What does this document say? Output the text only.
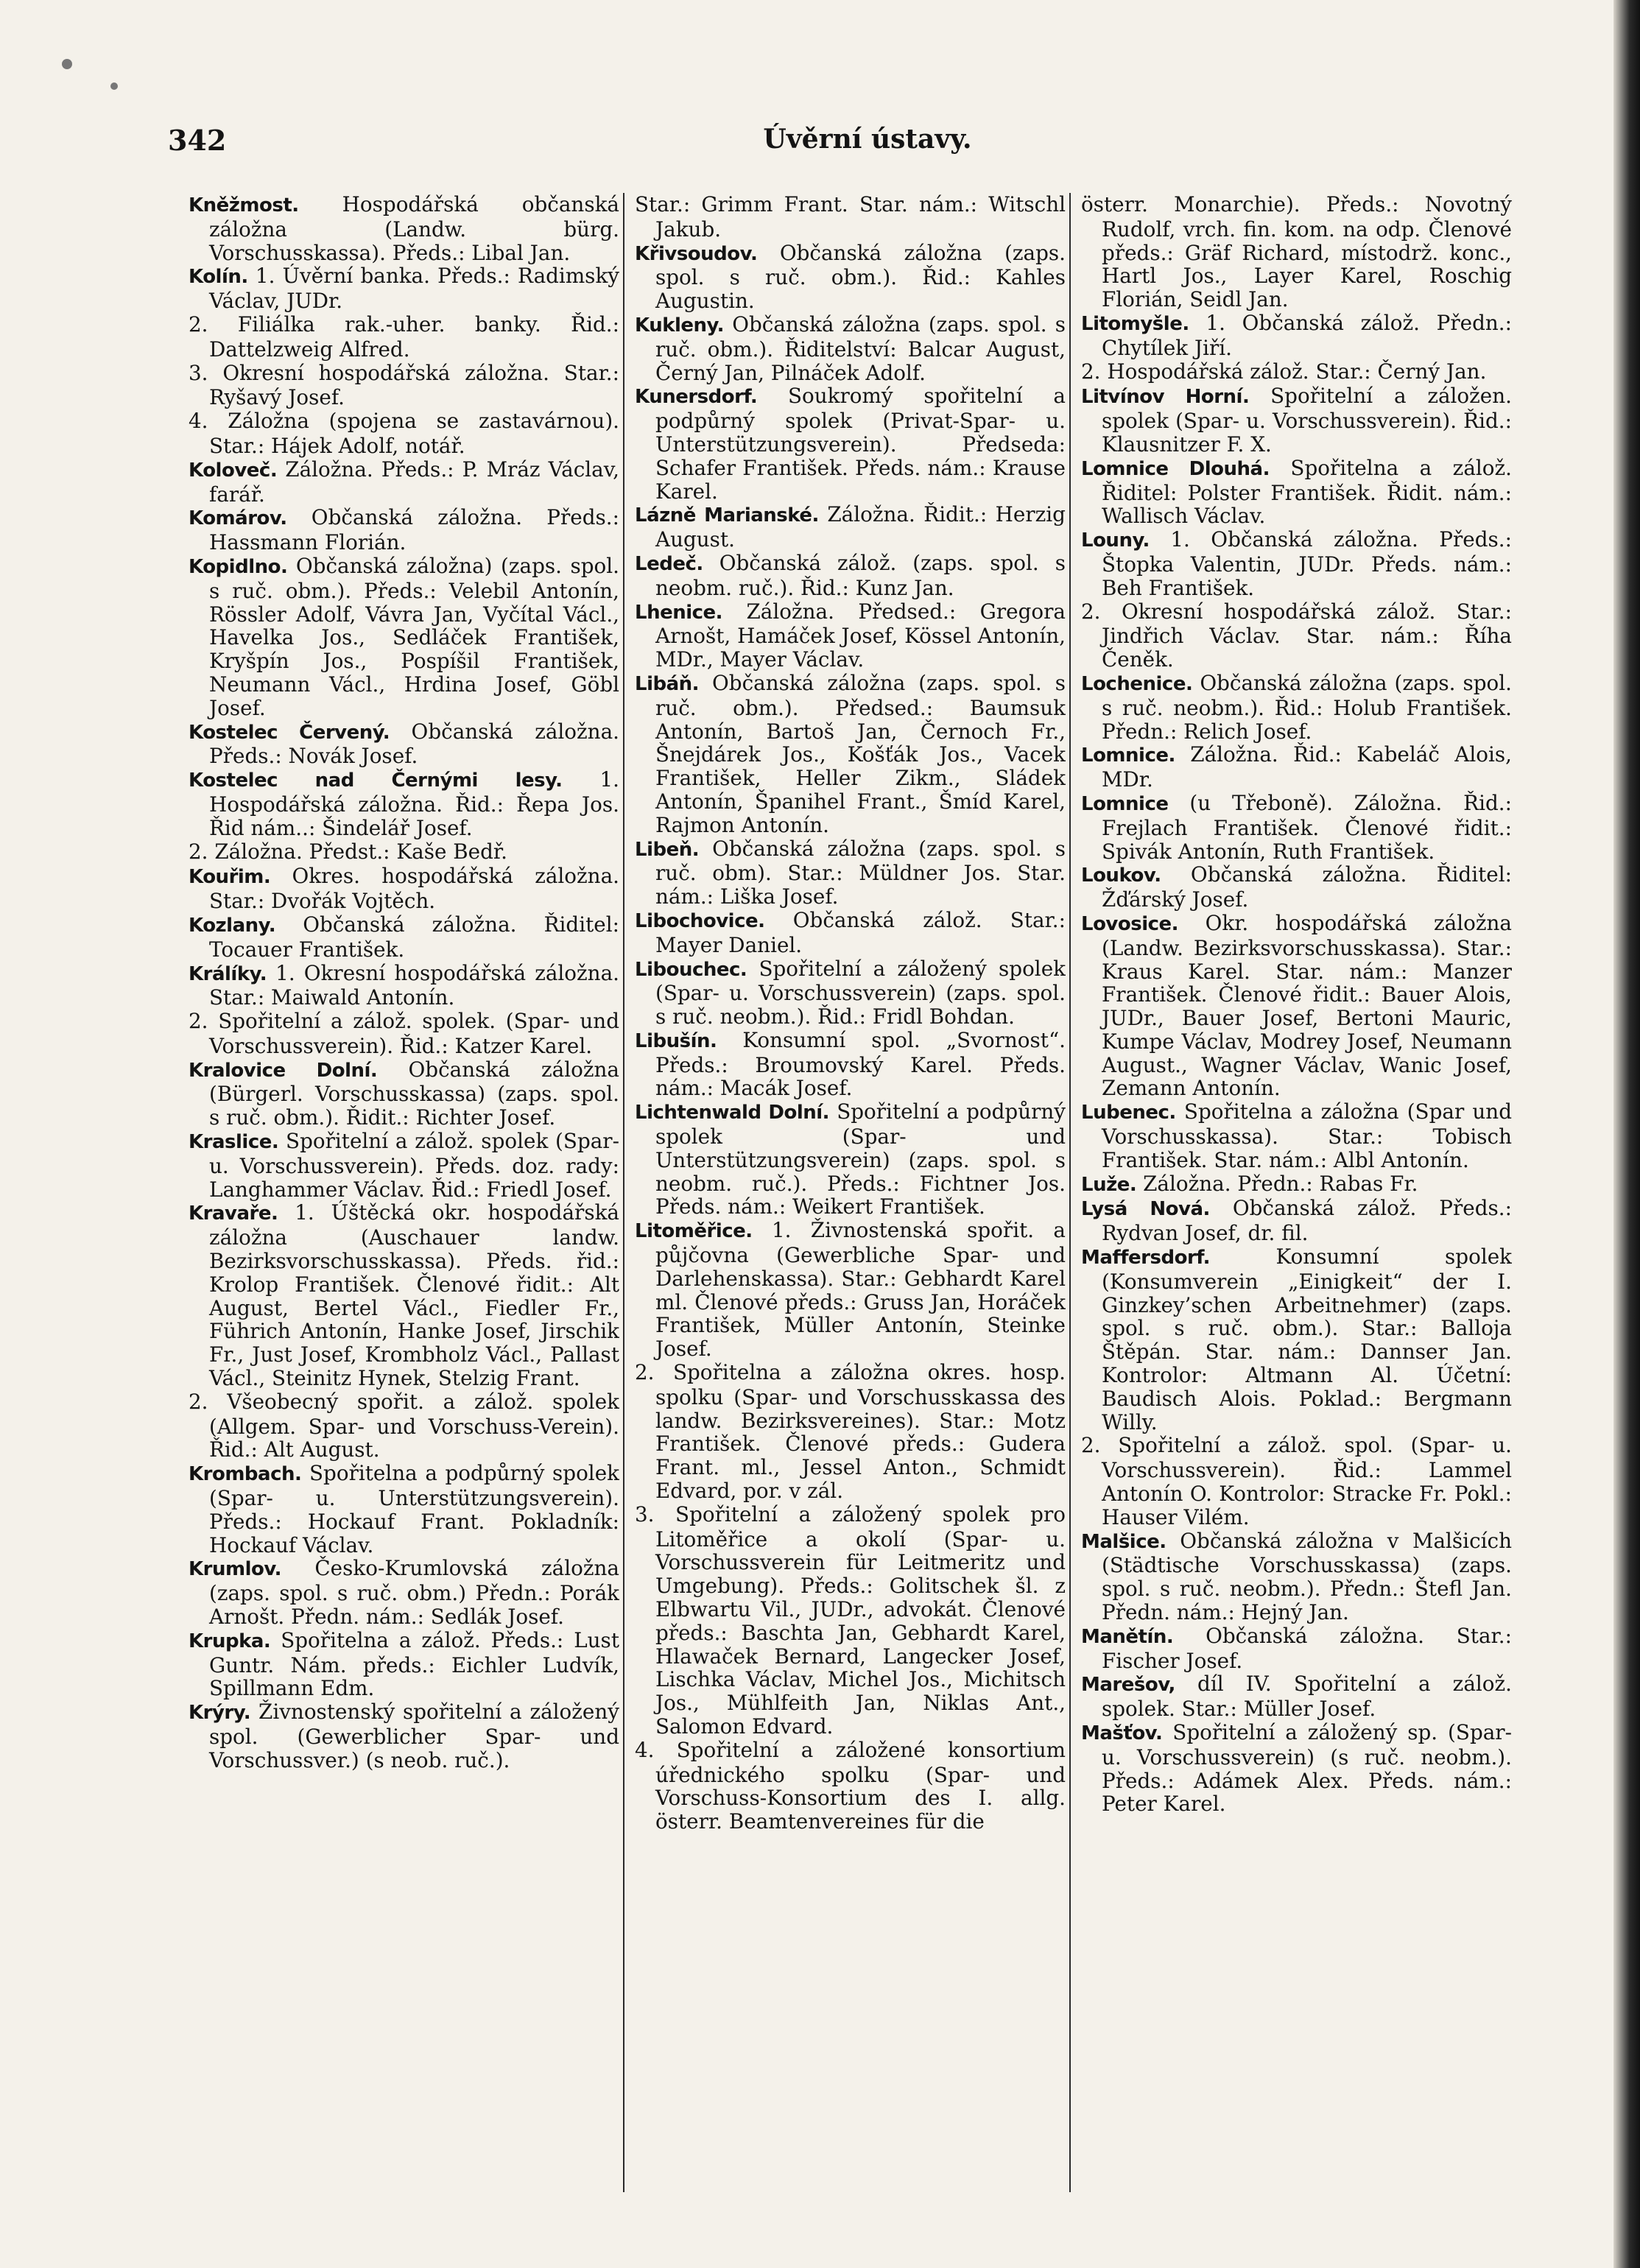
342	Úvěrní ústavy.

Kněžmost. Hospodářská občanská záložna (Landw. bürg. Vorschusskassa). Předs.: Libal Jan.

Kolín. 1. Úvěrní banka. Předs.: Radimský Václav, JUDr.

2. Filiálka rak.-uher. banky. Řid.: Dattelzweig Alfred.

3. Okresní hospodářská záložna. Star.: Ryšavý Josef.

4. Záložna (spojena se zastavárnou). Star.: Hájek Adolf, notář.

Koloveč. Záložna. Předs.: P. Mráz Václav, farář.

Komárov. Občanská záložna. Předs.: Hassmann Florián.

Kopidlno. Občanská záložna) (zaps. spol. s ruč. obm.). Předs.: Velebil Antonín, Rössler Adolf, Vávra Jan, Vyčítal Václ., Havelka Jos., Sedláček František, Kryšpín Jos., Pospíšil František, Neumann Václ., Hrdina Josef, Göbl Josef.

Kostelec Červený. Občanská záložna. Předs.: Novák Josef.

Kostelec nad Černými lesy. 1. Hospodářská záložna. Řid.: Řepa Jos. Řid nám..: Šindelář Josef.

2. Záložna. Předst.: Kaše Bedř.

Kouřim. Okres. hospodářská záložna. Star.: Dvořák Vojtěch.

Kozlany. Občanská záložna. Řiditel: Tocauer František.

Králíky. 1. Okresní hospodářská záložna. Star.: Maiwald Antonín.

2. Spořitelní a zálož. spolek. (Spar- und Vorschussverein). Řid.: Katzer Karel.

Kralovice Dolní. Občanská záložna (Bürgerl. Vorschusskassa) (zaps. spol. s ruč. obm.). Řidit.: Richter Josef.

Kraslice. Spořitelní a zálož. spolek (Spar- u. Vorschussverein). Předs. doz. rady: Langhammer Václav. Řid.: Friedl Josef.

Kravaře. 1. Úštěcká okr. hospodářská záložna (Auschauer landw. Bezirksvorschusskassa). Předs. řid.: Krolop František. Členové řidit.: Alt August, Bertel Václ., Fiedler Fr., Führich Antonín, Hanke Josef, Jirschik Fr., Just Josef, Krombholz Václ., Pallast Václ., Steinitz Hynek, Stelzig Frant.

2. Všeobecný spořit. a zálož. spolek (Allgem. Spar- und Vorschuss-Verein). Řid.: Alt August.

Krombach. Spořitelna a podpůrný spolek (Spar- u. Unterstützungsverein). Předs.: Hockauf Frant. Pokladník: Hockauf Václav.

Krumlov. Česko-Krumlovská záložna (zaps. spol. s ruč. obm.) Předn.: Porák Arnošt. Předn. nám.: Sedlák Josef.

Krupka. Spořitelna a zálož. Předs.: Lust Guntr. Nám. předs.: Eichler Ludvík, Spillmann Edm.

Krýry. Živnostenský spořitelní a záložený spol. (Gewerblicher Spar- und Vorschussver.) (s neob. ruč.).

Star.: Grimm Frant. Star. nám.: Witschl Jakub.

Křivsoudov. Občanská záložna (zaps. spol. s ruč. obm.). Řid.: Kahles Augustin.

Kukleny. Občanská záložna (zaps. spol. s ruč. obm.). Řiditelství: Balcar August, Černý Jan, Pilnáček Adolf.

Kunersdorf. Soukromý spořitelní a podpůrný spolek (Privat-Spar- u. Unterstützungsverein). Předseda: Schafer František. Předs. nám.: Krause Karel.

Lázně Marianské. Záložna. Řidit.: Herzig August.

Ledeč. Občanská zálož. (zaps. spol. s neobm. ruč.). Řid.: Kunz Jan.

Lhenice. Záložna. Předsed.: Gregora Arnošt, Hamáček Josef, Kössel Antonín, MDr., Mayer Václav.

Libáň. Občanská záložna (zaps. spol. s ruč. obm.). Předsed.: Baumsuk Antonín, Bartoš Jan, Černoch Fr., Šnejdárek Jos., Košťák Jos., Vacek František, Heller Zikm., Sládek Antonín, Španihel Frant., Šmíd Karel, Rajmon Antonín.

Libeň. Občanská záložna (zaps. spol. s ruč. obm). Star.: Müldner Jos. Star. nám.: Liška Josef.

Libochovice. Občanská zálož. Star.: Mayer Daniel.

Libouchec. Spořitelní a záložený spolek (Spar- u. Vorschussverein) (zaps. spol. s ruč. neobm.). Řid.: Fridl Bohdan.

Libušín. Konsumní spol. „Svornost“. Předs.: Broumovský Karel. Předs. nám.: Macák Josef.

Lichtenwald Dolní. Spořitelní a podpůrný spolek (Spar- und Unterstützungsverein) (zaps. spol. s neobm. ruč.). Předs.: Fichtner Jos. Předs. nám.: Weikert František.

Litoměřice. 1. Živnostenská spořit. a půjčovna (Gewerbliche Spar- und Darlehenskassa). Star.: Gebhardt Karel ml. Členové předs.: Gruss Jan, Horáček František, Müller Antonín, Steinke Josef.

2. Spořitelna a záložna okres. hosp. spolku (Spar- und Vorschusskassa des landw. Bezirksvereines). Star.: Motz František. Členové předs.: Gudera Frant. ml., Jessel Anton., Schmidt Edvard, por. v zál.

3. Spořitelní a záložený spolek pro Litoměřice a okolí (Spar- u. Vorschussverein für Leitmeritz und Umgebung). Předs.: Golitschek šl. z Elbwartu Vil., JUDr., advokát. Členové předs.: Baschta Jan, Gebhardt Karel, Hlawaček Bernard, Langecker Josef, Lischka Václav, Michel Jos., Michitsch Jos., Mühlfeith Jan, Niklas Ant., Salomon Edvard.

4. Spořitelní a záložené konsortium úřednického spolku (Spar- und Vorschuss-Konsortium des I. allg. österr. Beamtenvereines für die

österr. Monarchie). Předs.: Novotný Rudolf, vrch. fin. kom. na odp. Členové předs.: Gräf Richard, místodrž. konc., Hartl Jos., Layer Karel, Roschig Florián, Seidl Jan.

Litomyšle. 1. Občanská zálož. Předn.: Chytílek Jiří.

2. Hospodářská zálož. Star.: Černý Jan.

Litvínov Horní. Spořitelní a záložen. spolek (Spar- u. Vorschussverein). Řid.: Klausnitzer F. X.

Lomnice Dlouhá. Spořitelna a zálož. Řiditel: Polster František. Řidit. nám.: Wallisch Václav.

Louny. 1. Občanská záložna. Předs.: Štopka Valentin, JUDr. Předs. nám.: Beh František.

2. Okresní hospodářská zálož. Star.: Jindřich Václav. Star. nám.: Říha Čeněk.

Lochenice. Občanská záložna (zaps. spol. s ruč. neobm.). Řid.: Holub František. Předn.: Relich Josef.

Lomnice. Záložna. Řid.: Kabeláč Alois, MDr.

Lomnice (u Třeboně). Záložna. Řid.: Frejlach František. Členové řidit.: Spivák Antonín, Ruth František.

Loukov. Občanská záložna. Řiditel: Žďárský Josef.

Lovosice. Okr. hospodářská záložna (Landw. Bezirksvorschusskassa). Star.: Kraus Karel. Star. nám.: Manzer František. Členové řidit.: Bauer Alois, JUDr., Bauer Josef, Bertoni Mauric, Kumpe Václav, Modrey Josef, Neumann August., Wagner Václav, Wanic Josef, Zemann Antonín.

Lubenec. Spořitelna a záložna (Spar und Vorschusskassa). Star.: Tobisch František. Star. nám.: Albl Antonín.

Luže. Záložna. Předn.: Rabas Fr.

Lysá Nová. Občanská zálož. Předs.: Rydvan Josef, dr. fil.

Maffersdorf. Konsumní spolek (Konsumverein „Einigkeit“ der I. Ginzkey’schen Arbeitnehmer) (zaps. spol. s ruč. obm.). Star.: Balloja Štěpán. Star. nám.: Dannser Jan. Kontrolor: Altmann Al. Účetní: Baudisch Alois. Poklad.: Bergmann Willy.

2. Spořitelní a zálož. spol. (Spar- u. Vorschussverein). Řid.: Lammel Antonín O. Kontrolor: Stracke Fr. Pokl.: Hauser Vilém.

Malšice. Občanská záložna v Malšicích (Städtische Vorschusskassa) (zaps. spol. s ruč. neobm.). Předn.: Štefl Jan. Předn. nám.: Hejný Jan.

Manětín. Občanská záložna. Star.: Fischer Josef.

Marešov, díl IV. Spořitelní a zálož. spolek. Star.: Müller Josef.

Mašťov. Spořitelní a záložený sp. (Spar- u. Vorschussverein) (s ruč. neobm.). Předs.: Adámek Alex. Předs. nám.: Peter Karel.
